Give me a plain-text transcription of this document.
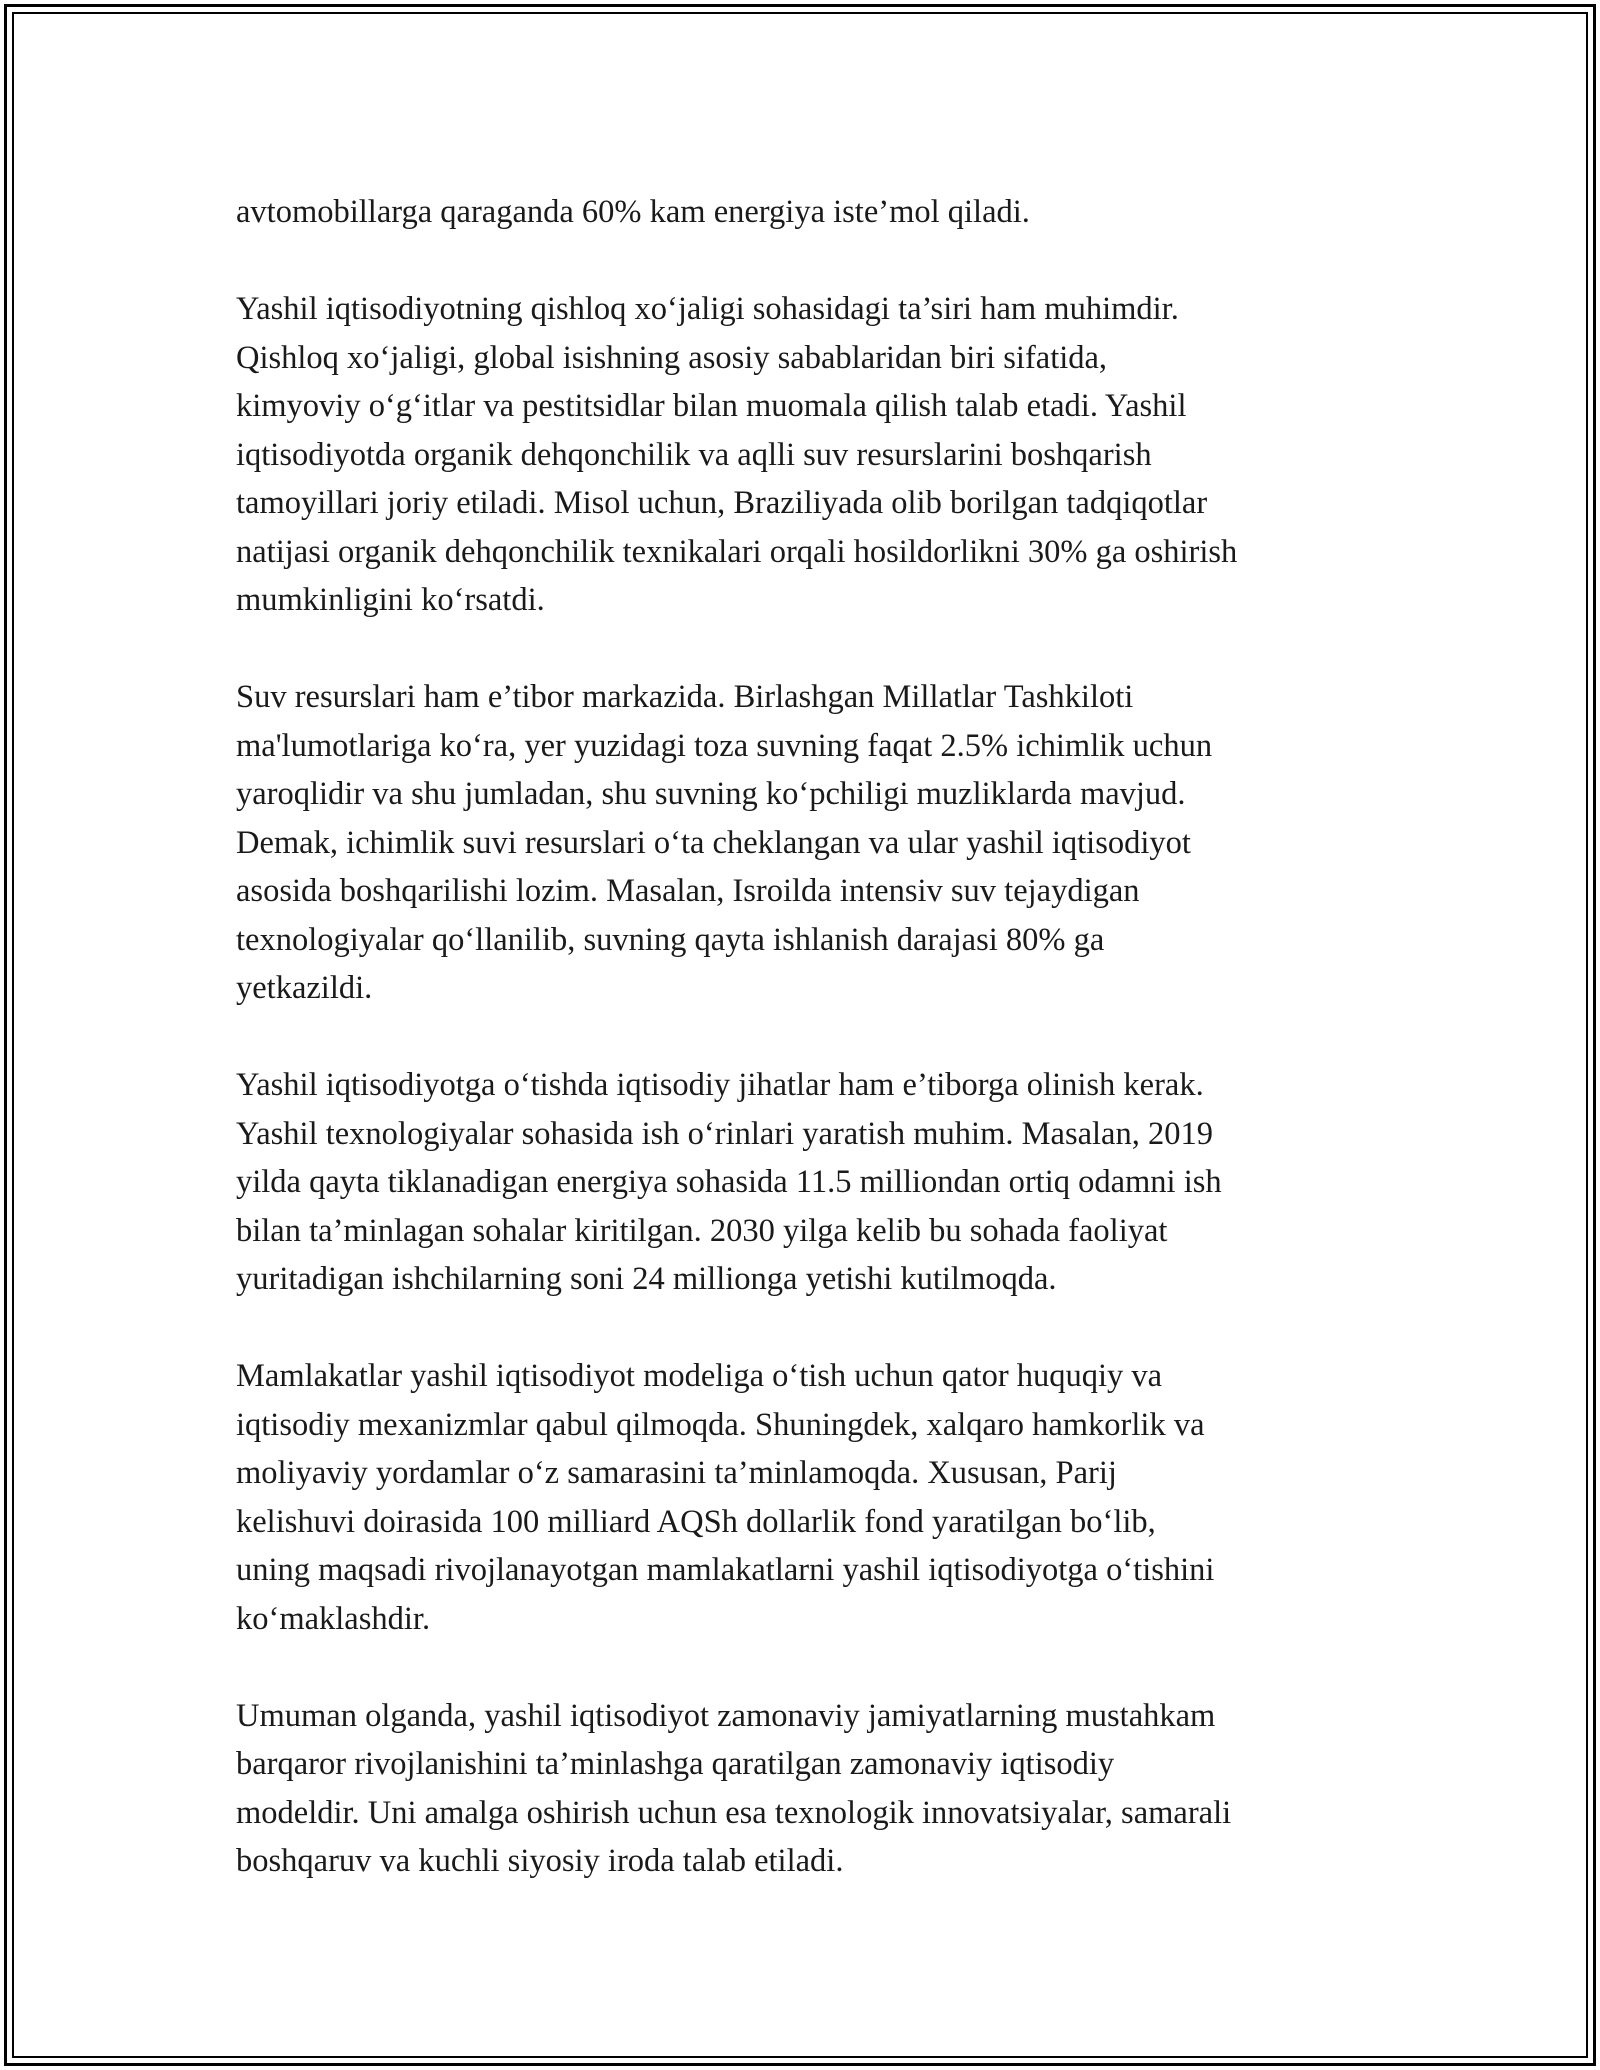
avtomobillarga qaraganda 60% kam energiya iste’mol qiladi.

Yashil iqtisodiyotning qishloq xo‘jaligi sohasidagi ta’siri ham muhimdir.
Qishloq xo‘jaligi, global isishning asosiy sabablaridan biri sifatida,
kimyoviy o‘g‘itlar va pestitsidlar bilan muomala qilish talab etadi. Yashil
iqtisodiyotda organik dehqonchilik va aqlli suv resurslarini boshqarish
tamoyillari joriy etiladi. Misol uchun, Braziliyada olib borilgan tadqiqotlar
natijasi organik dehqonchilik texnikalari orqali hosildorlikni 30% ga oshirish
mumkinligini ko‘rsatdi.

Suv resurslari ham e’tibor markazida. Birlashgan Millatlar Tashkiloti
ma'lumotlariga ko‘ra, yer yuzidagi toza suvning faqat 2.5% ichimlik uchun
yaroqlidir va shu jumladan, shu suvning ko‘pchiligi muzliklarda mavjud.
Demak, ichimlik suvi resurslari o‘ta cheklangan va ular yashil iqtisodiyot
asosida boshqarilishi lozim. Masalan, Isroilda intensiv suv tejaydigan
texnologiyalar qo‘llanilib, suvning qayta ishlanish darajasi 80% ga
yetkazildi.

Yashil iqtisodiyotga o‘tishda iqtisodiy jihatlar ham e’tiborga olinish kerak.
Yashil texnologiyalar sohasida ish o‘rinlari yaratish muhim. Masalan, 2019
yilda qayta tiklanadigan energiya sohasida 11.5 milliondan ortiq odamni ish
bilan ta’minlagan sohalar kiritilgan. 2030 yilga kelib bu sohada faoliyat
yuritadigan ishchilarning soni 24 millionga yetishi kutilmoqda.

Mamlakatlar yashil iqtisodiyot modeliga o‘tish uchun qator huquqiy va
iqtisodiy mexanizmlar qabul qilmoqda. Shuningdek, xalqaro hamkorlik va
moliyaviy yordamlar o‘z samarasini ta’minlamoqda. Xususan, Parij
kelishuvi doirasida 100 milliard AQSh dollarlik fond yaratilgan bo‘lib,
uning maqsadi rivojlanayotgan mamlakatlarni yashil iqtisodiyotga o‘tishini
ko‘maklashdir.

Umuman olganda, yashil iqtisodiyot zamonaviy jamiyatlarning mustahkam
barqaror rivojlanishini ta’minlashga qaratilgan zamonaviy iqtisodiy
modeldir. Uni amalga oshirish uchun esa texnologik innovatsiyalar, samarali
boshqaruv va kuchli siyosiy iroda talab etiladi.
